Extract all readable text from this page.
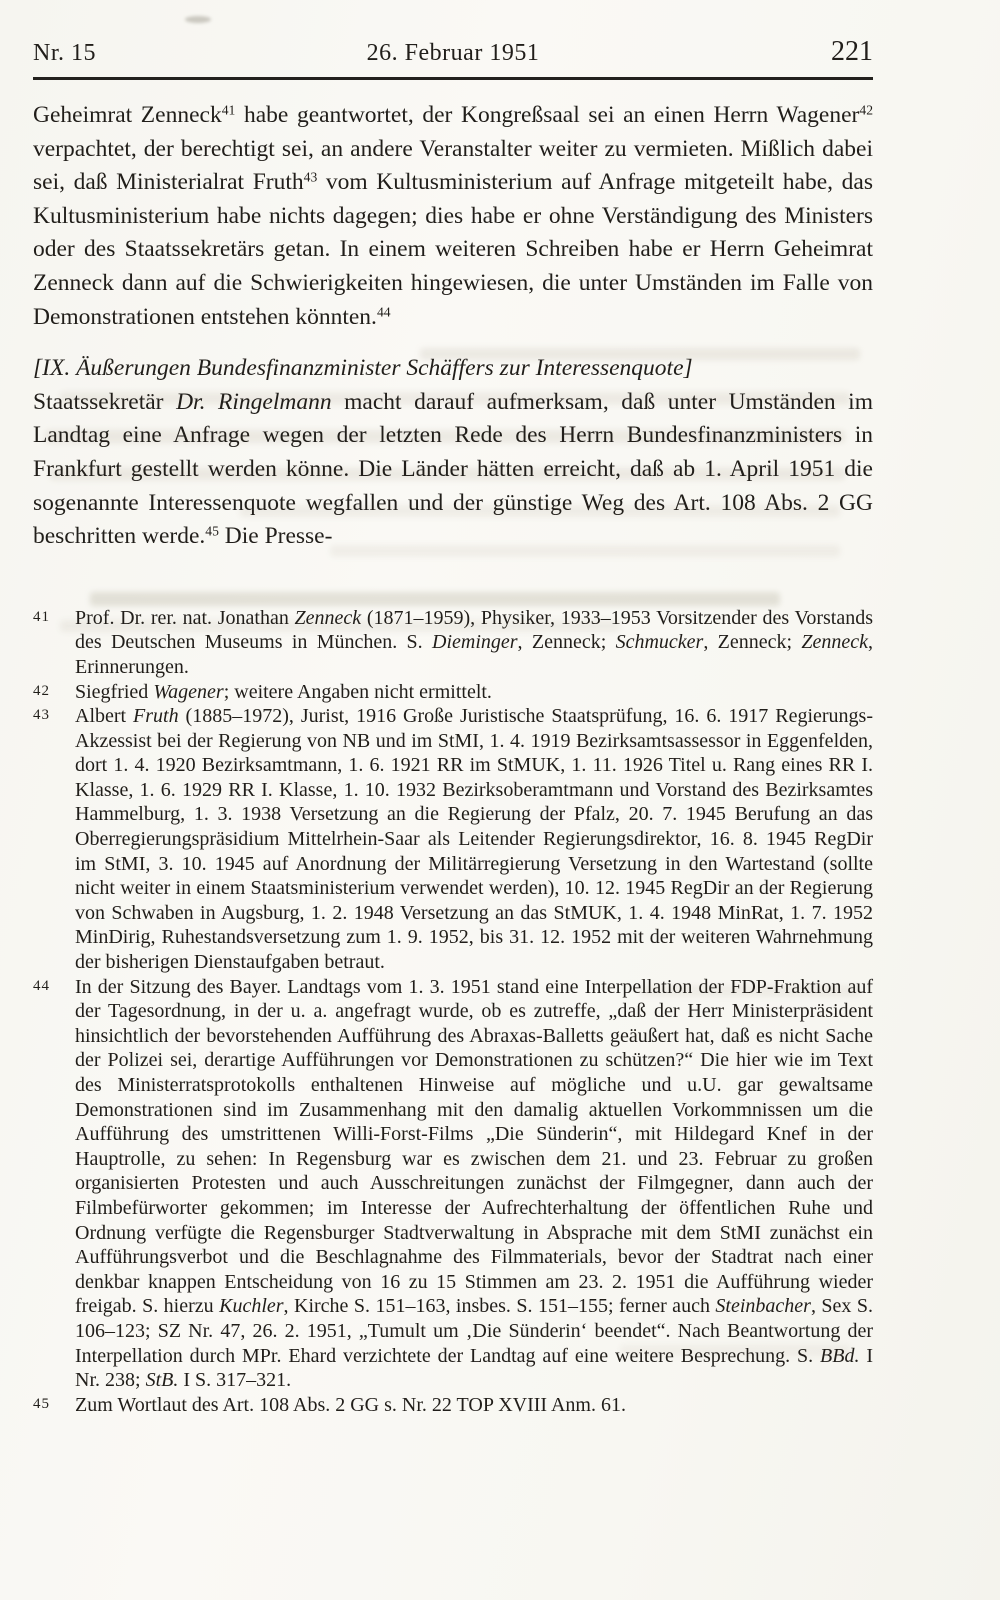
Nr. 15	26. Februar 1951	221
Geheimrat Zenneck$^{41}$ habe geantwortet, der Kongreßsaal sei an einen Herrn Wagener$^{42}$ verpachtet, der berechtigt sei, an andere Veranstalter weiter zu vermieten. Mißlich dabei sei, daß Ministerialrat Fruth$^{43}$ vom Kultusministerium auf Anfrage mitgeteilt habe, das Kultusministerium habe nichts dagegen; dies habe er ohne Verständigung des Ministers oder des Staatssekretärs getan. In einem weiteren Schreiben habe er Herrn Geheimrat Zenneck dann auf die Schwierigkeiten hingewiesen, die unter Umständen im Falle von Demonstrationen entstehen könnten.$^{44}$
[IX. Äußerungen Bundesfinanzminister Schäffers zur Interessenquote]
Staatssekretär Dr. Ringelmann macht darauf aufmerksam, daß unter Umständen im Landtag eine Anfrage wegen der letzten Rede des Herrn Bundesfinanzministers in Frankfurt gestellt werden könne. Die Länder hätten erreicht, daß ab 1. April 1951 die sogenannte Interessenquote wegfallen und der günstige Weg des Art. 108 Abs. 2 GG beschritten werde.$^{45}$ Die Presse-
41	Prof. Dr. rer. nat. Jonathan Zenneck (1871–1959), Physiker, 1933–1953 Vorsitzender des Vorstands des Deutschen Museums in München. S. Dieminger, Zenneck; Schmucker, Zenneck; Zenneck, Erinnerungen.
42	Siegfried Wagener; weitere Angaben nicht ermittelt.
43	Albert Fruth (1885–1972), Jurist, 1916 Große Juristische Staatsprüfung, 16. 6. 1917 Regierungs-Akzessist bei der Regierung von NB und im StMI, 1. 4. 1919 Bezirksamtsassessor in Eggenfelden, dort 1. 4. 1920 Bezirksamtmann, 1. 6. 1921 RR im StMUK, 1. 11. 1926 Titel u. Rang eines RR I. Klasse, 1. 6. 1929 RR I. Klasse, 1. 10. 1932 Bezirksoberamtmann und Vorstand des Bezirksamtes Hammelburg, 1. 3. 1938 Versetzung an die Regierung der Pfalz, 20. 7. 1945 Berufung an das Oberregierungspräsidium Mittelrhein-Saar als Leitender Regierungsdirektor, 16. 8. 1945 RegDir im StMI, 3. 10. 1945 auf Anordnung der Militärregierung Versetzung in den Wartestand (sollte nicht weiter in einem Staatsministerium verwendet werden), 10. 12. 1945 RegDir an der Regierung von Schwaben in Augsburg, 1. 2. 1948 Versetzung an das StMUK, 1. 4. 1948 MinRat, 1. 7. 1952 MinDirig, Ruhestandsversetzung zum 1. 9. 1952, bis 31. 12. 1952 mit der weiteren Wahrnehmung der bisherigen Dienstaufgaben betraut.
44	In der Sitzung des Bayer. Landtags vom 1. 3. 1951 stand eine Interpellation der FDP-Fraktion auf der Tagesordnung, in der u. a. angefragt wurde, ob es zutreffe, „daß der Herr Ministerpräsident hinsichtlich der bevorstehenden Aufführung des Abraxas-Balletts geäußert hat, daß es nicht Sache der Polizei sei, derartige Aufführungen vor Demonstrationen zu schützen?“ Die hier wie im Text des Ministerratsprotokolls enthaltenen Hinweise auf mögliche und u.U. gar gewaltsame Demonstrationen sind im Zusammenhang mit den damalig aktuellen Vorkommnissen um die Aufführung des umstrittenen Willi-Forst-Films „Die Sünderin“, mit Hildegard Knef in der Hauptrolle, zu sehen: In Regensburg war es zwischen dem 21. und 23. Februar zu großen organisierten Protesten und auch Ausschreitungen zunächst der Filmgegner, dann auch der Filmbefürworter gekommen; im Interesse der Aufrechterhaltung der öffentlichen Ruhe und Ordnung verfügte die Regensburger Stadtverwaltung in Absprache mit dem StMI zunächst ein Aufführungsverbot und die Beschlagnahme des Filmmaterials, bevor der Stadtrat nach einer denkbar knappen Entscheidung von 16 zu 15 Stimmen am 23. 2. 1951 die Aufführung wieder freigab. S. hierzu Kuchler, Kirche S. 151–163, insbes. S. 151–155; ferner auch Steinbacher, Sex S. 106–123; SZ Nr. 47, 26. 2. 1951, „Tumult um ‚Die Sünderin‘ beendet“. Nach Beantwortung der Interpellation durch MPr. Ehard verzichtete der Landtag auf eine weitere Besprechung. S. BBd. I Nr. 238; StB. I S. 317–321.
45	Zum Wortlaut des Art. 108 Abs. 2 GG s. Nr. 22 TOP XVIII Anm. 61.
